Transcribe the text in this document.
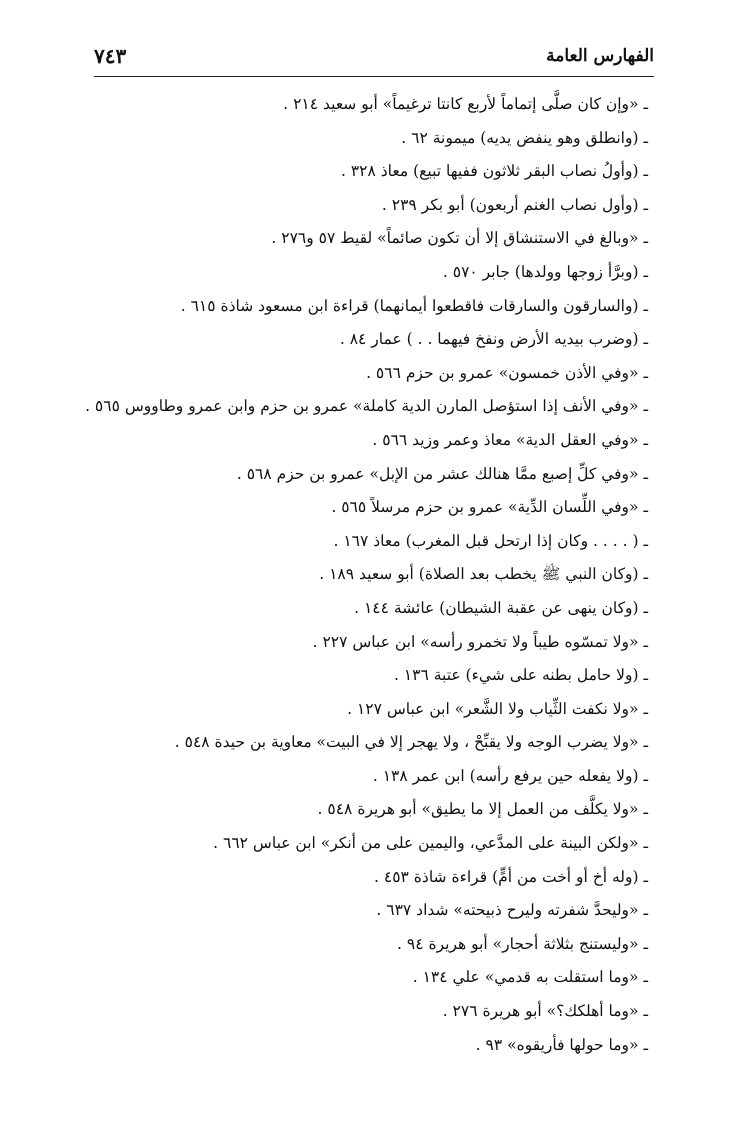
الفهارس العامة
٧٤٣
ـ «وإن كان صلَّى إتماماً لأربع كانتا ترغيماً» أبو سعيد ٢١٤ .
ـ (وانطلق وهو ينفض يديه) ميمونة ٦٢ .
ـ (وأولُ نصاب البقر ثلاثون ففيها تبيع) معاذ ٣٢٨ .
ـ (وأول نصاب الغنم أربعون) أبو بكر ٢٣٩ .
ـ «وبالغ في الاستنشاق إلا أن تكون صائماً» لقيط ٥٧ و٢٧٦ .
ـ (وبرَّأ زوجها وولدها) جابر ٥٧٠ .
ـ (والسارقون والسارقات فاقطعوا أيمانهما) قراءة ابن مسعود شاذة ٦١٥ .
ـ (وضرب بيديه الأرض ونفخ فيهما . . ) عمار ٨٤ .
ـ «وفي الأذن خمسون» عمرو بن حزم ٥٦٦ .
ـ «وفي الأنف إذا استؤصل المارن الدية كاملة» عمرو بن حزم وابن عمرو وطاووس ٥٦٥ .
ـ «وفي العقل الدية» معاذ وعمر وزيد ٥٦٦ .
ـ «وفي كلِّ إصبع ممَّا هنالك عشر من الإبل» عمرو بن حزم ٥٦٨ .
ـ «وفي اللِّسان الدِّية» عمرو بن حزم مرسلاً ٥٦٥ .
ـ ( . . . . وكان إذا ارتحل قبل المغرب) معاذ ١٦٧ .
ـ (وكان النبي ﷺ يخطب بعد الصلاة) أبو سعيد ١٨٩ .
ـ (وكان ينهى عن عقبة الشيطان) عائشة ١٤٤ .
ـ «ولا تمسّوه طيباً ولا تخمرو رأسه» ابن عباس ٢٢٧ .
ـ (ولا حامل بطنه على شيء) عتبة ١٣٦ .
ـ «ولا نكفت الثِّياب ولا الشَّعر» ابن عباس ١٢٧ .
ـ «ولا يضرب الوجه ولا يقبِّحْ ، ولا يهجر إلا في البيت» معاوية بن حيدة ٥٤٨ .
ـ (ولا يفعله حين يرفع رأسه) ابن عمر ١٣٨ .
ـ «ولا يكلَّف من العمل إلا ما يطيق» أبو هريرة ٥٤٨ .
ـ «ولكن البينة على المدَّعي، واليمين على من أنكر» ابن عباس ٦٦٢ .
ـ (وله أخ أو أخت من أمٍّ) قراءة شاذة ٤٥٣ .
ـ «وليحدَّ شفرته وليرح ذبيحته» شداد ٦٣٧ .
ـ «وليستنج بثلاثة أحجار» أبو هريرة ٩٤ .
ـ «وما استقلت به قدمي» علي ١٣٤ .
ـ «وما أهلكك؟» أبو هريرة ٢٧٦ .
ـ «وما حولها فأريقوه» ٩٣ .
